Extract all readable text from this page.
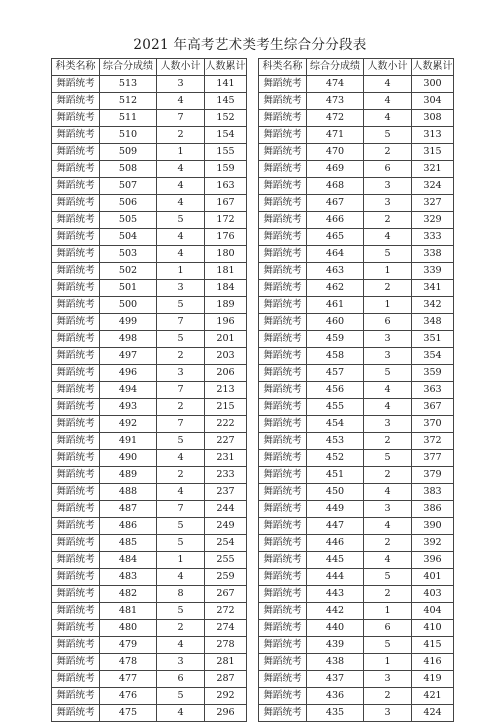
2021 年高考艺术类考生综合分分段表
科类名称	综合分成绩	人数小计	人数累计
舞蹈统考	513	3	141
舞蹈统考	512	4	145
舞蹈统考	511	7	152
舞蹈统考	510	2	154
舞蹈统考	509	1	155
舞蹈统考	508	4	159
舞蹈统考	507	4	163
舞蹈统考	506	4	167
舞蹈统考	505	5	172
舞蹈统考	504	4	176
舞蹈统考	503	4	180
舞蹈统考	502	1	181
舞蹈统考	501	3	184
舞蹈统考	500	5	189
舞蹈统考	499	7	196
舞蹈统考	498	5	201
舞蹈统考	497	2	203
舞蹈统考	496	3	206
舞蹈统考	494	7	213
舞蹈统考	493	2	215
舞蹈统考	492	7	222
舞蹈统考	491	5	227
舞蹈统考	490	4	231
舞蹈统考	489	2	233
舞蹈统考	488	4	237
舞蹈统考	487	7	244
舞蹈统考	486	5	249
舞蹈统考	485	5	254
舞蹈统考	484	1	255
舞蹈统考	483	4	259
舞蹈统考	482	8	267
舞蹈统考	481	5	272
舞蹈统考	480	2	274
舞蹈统考	479	4	278
舞蹈统考	478	3	281
舞蹈统考	477	6	287
舞蹈统考	476	5	292
舞蹈统考	475	4	296
科类名称	综合分成绩	人数小计	人数累计
舞蹈统考	474	4	300
舞蹈统考	473	4	304
舞蹈统考	472	4	308
舞蹈统考	471	5	313
舞蹈统考	470	2	315
舞蹈统考	469	6	321
舞蹈统考	468	3	324
舞蹈统考	467	3	327
舞蹈统考	466	2	329
舞蹈统考	465	4	333
舞蹈统考	464	5	338
舞蹈统考	463	1	339
舞蹈统考	462	2	341
舞蹈统考	461	1	342
舞蹈统考	460	6	348
舞蹈统考	459	3	351
舞蹈统考	458	3	354
舞蹈统考	457	5	359
舞蹈统考	456	4	363
舞蹈统考	455	4	367
舞蹈统考	454	3	370
舞蹈统考	453	2	372
舞蹈统考	452	5	377
舞蹈统考	451	2	379
舞蹈统考	450	4	383
舞蹈统考	449	3	386
舞蹈统考	447	4	390
舞蹈统考	446	2	392
舞蹈统考	445	4	396
舞蹈统考	444	5	401
舞蹈统考	443	2	403
舞蹈统考	442	1	404
舞蹈统考	440	6	410
舞蹈统考	439	5	415
舞蹈统考	438	1	416
舞蹈统考	437	3	419
舞蹈统考	436	2	421
舞蹈统考	435	3	424
